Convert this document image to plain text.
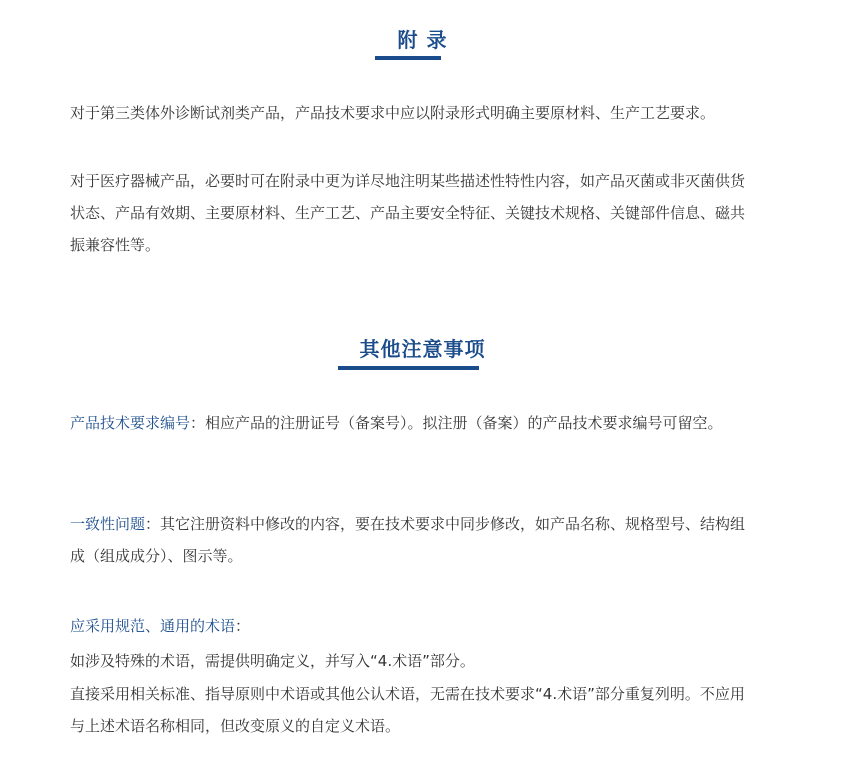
附 录

对于第三类体外诊断试剂类产品，产品技术要求中应以附录形式明确主要原材料、生产工艺要求。

对于医疗器械产品，必要时可在附录中更为详尽地注明某些描述性特性内容，如产品灭菌或非灭菌供货状态、产品有效期、主要原材料、生产工艺、产品主要安全特征、关键技术规格、关键部件信息、磁共振兼容性等。

其他注意事项

产品技术要求编号：相应产品的注册证号（备案号）。拟注册（备案）的产品技术要求编号可留空。

一致性问题：其它注册资料中修改的内容，要在技术要求中同步修改，如产品名称、规格型号、结构组成（组成成分）、图示等。

应采用规范、通用的术语：

如涉及特殊的术语，需提供明确定义，并写入“4.术语”部分。

直接采用相关标准、指导原则中术语或其他公认术语，无需在技术要求“4.术语”部分重复列明。不应用与上述术语名称相同，但改变原义的自定义术语。
